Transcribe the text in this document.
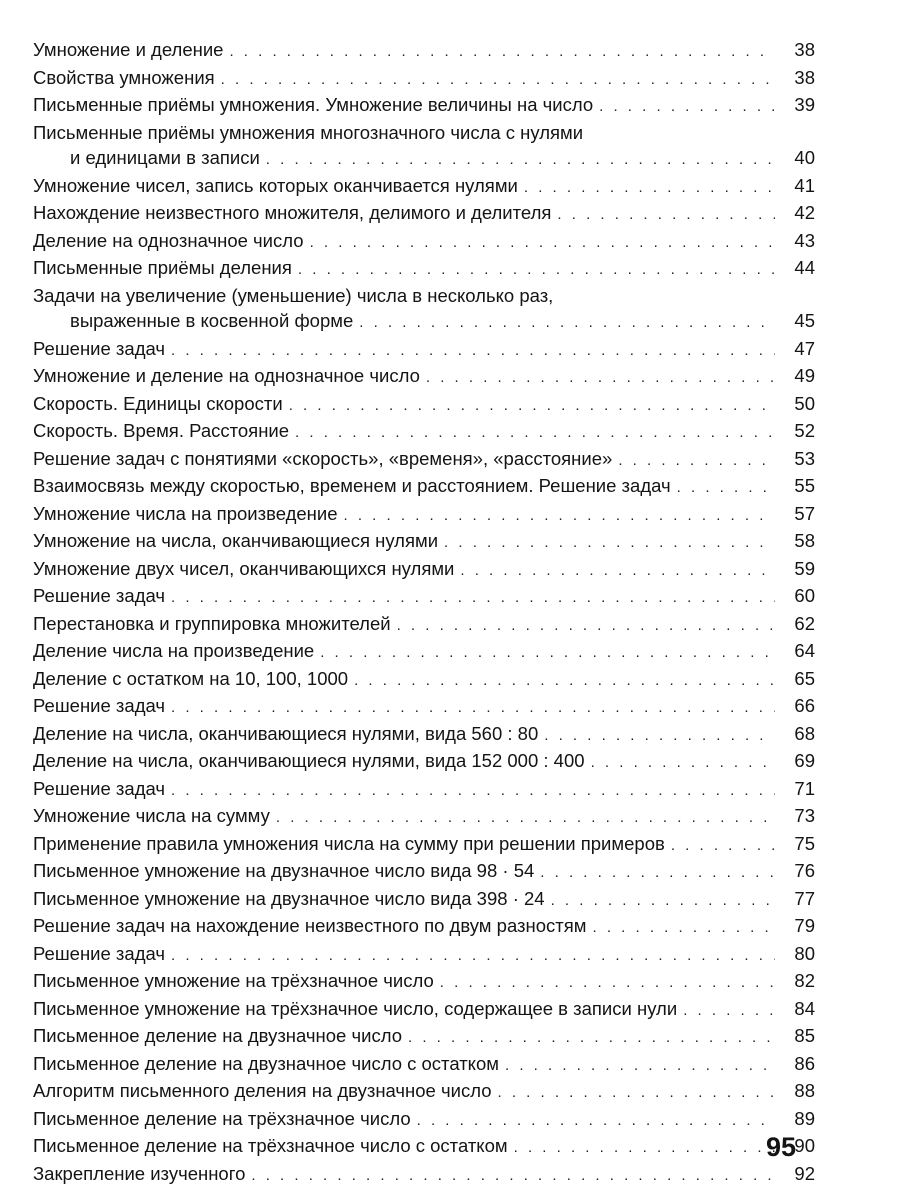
Умножение и деление . . .	38
Свойства умножения . . .	38
Письменные приёмы умножения. Умножение величины на число . . .	39
Письменные приёмы умножения многозначного числа с нулями
и единицами в записи . . .	40
Умножение чисел, запись которых оканчивается нулями . . .	41
Нахождение неизвестного множителя, делимого и делителя . . .	42
Деление на однозначное число . . .	43
Письменные приёмы деления . . .	44
Задачи на увеличение (уменьшение) числа в несколько раз,
выраженные в косвенной форме . . .	45
Решение задач . . .	47
Умножение и деление на однозначное число . . .	49
Скорость. Единицы скорости . . .	50
Скорость. Время. Расстояние . . .	52
Решение задач с понятиями «скорость», «временя», «расстояние» . . .	53
Взаимосвязь между скоростью, временем и расстоянием. Решение задач . . .	55
Умножение числа на произведение . . .	57
Умножение на числа, оканчивающиеся нулями . . .	58
Умножение двух чисел, оканчивающихся нулями . . .	59
Решение задач . . .	60
Перестановка и группировка множителей . . .	62
Деление числа на произведение . . .	64
Деление с остатком на 10, 100, 1000 . . .	65
Решение задач . . .	66
Деление на числа, оканчивающиеся нулями, вида 560 : 80 . . .	68
Деление на числа, оканчивающиеся нулями, вида 152 000 : 400 . . .	69
Решение задач . . .	71
Умножение числа на сумму . . .	73
Применение правила умножения числа на сумму при решении примеров . . .	75
Письменное умножение на двузначное число вида 98 · 54 . . .	76
Письменное умножение на двузначное число вида 398 · 24 . . .	77
Решение задач на нахождение неизвестного по двум разностям . . .	79
Решение задач . . .	80
Письменное умножение на трёхзначное число . . .	82
Письменное умножение на трёхзначное число, содержащее в записи нули . . .	84
Письменное деление на двузначное число . . .	85
Письменное деление на двузначное число с остатком . . .	86
Алгоритм письменного деления на двузначное число . . .	88
Письменное деление на трёхзначное число . . .	89
Письменное деление на трёхзначное число с остатком . . .	90
Закрепление изученного . . .	92
95
